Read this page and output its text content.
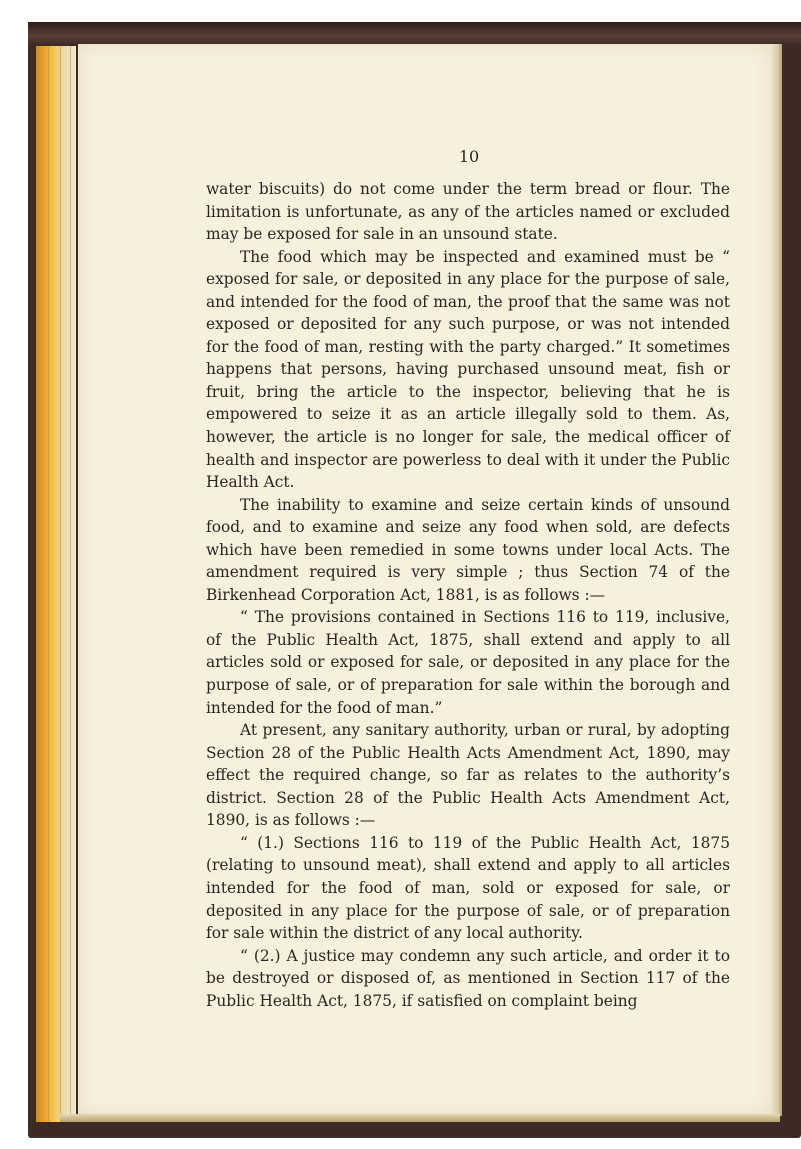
10

water biscuits) do not come under the term bread or flour. The limitation is unfortunate, as any of the articles named or excluded may be exposed for sale in an unsound state.

The food which may be inspected and examined must be “ exposed for sale, or deposited in any place for the purpose of sale, and intended for the food of man, the proof that the same was not exposed or deposited for any such purpose, or was not intended for the food of man, resting with the party charged.” It sometimes happens that persons, having purchased unsound meat, fish or fruit, bring the article to the inspector, believing that he is empowered to seize it as an article illegally sold to them. As, however, the article is no longer for sale, the medical officer of health and inspector are powerless to deal with it under the Public Health Act.

The inability to examine and seize certain kinds of unsound food, and to examine and seize any food when sold, are defects which have been remedied in some towns under local Acts. The amendment required is very simple ; thus Section 74 of the Birkenhead Corporation Act, 1881, is as follows :—

“ The provisions contained in Sections 116 to 119, inclusive, of the Public Health Act, 1875, shall extend and apply to all articles sold or exposed for sale, or deposited in any place for the purpose of sale, or of preparation for sale within the borough and intended for the food of man.”

At present, any sanitary authority, urban or rural, by adopting Section 28 of the Public Health Acts Amendment Act, 1890, may effect the required change, so far as relates to the authority’s district. Section 28 of the Public Health Acts Amendment Act, 1890, is as follows :—

“ (1.) Sections 116 to 119 of the Public Health Act, 1875 (relating to unsound meat), shall extend and apply to all articles intended for the food of man, sold or exposed for sale, or deposited in any place for the purpose of sale, or of preparation for sale within the district of any local authority.

“ (2.) A justice may condemn any such article, and order it to be destroyed or disposed of, as mentioned in Section 117 of the Public Health Act, 1875, if satisfied on complaint being
